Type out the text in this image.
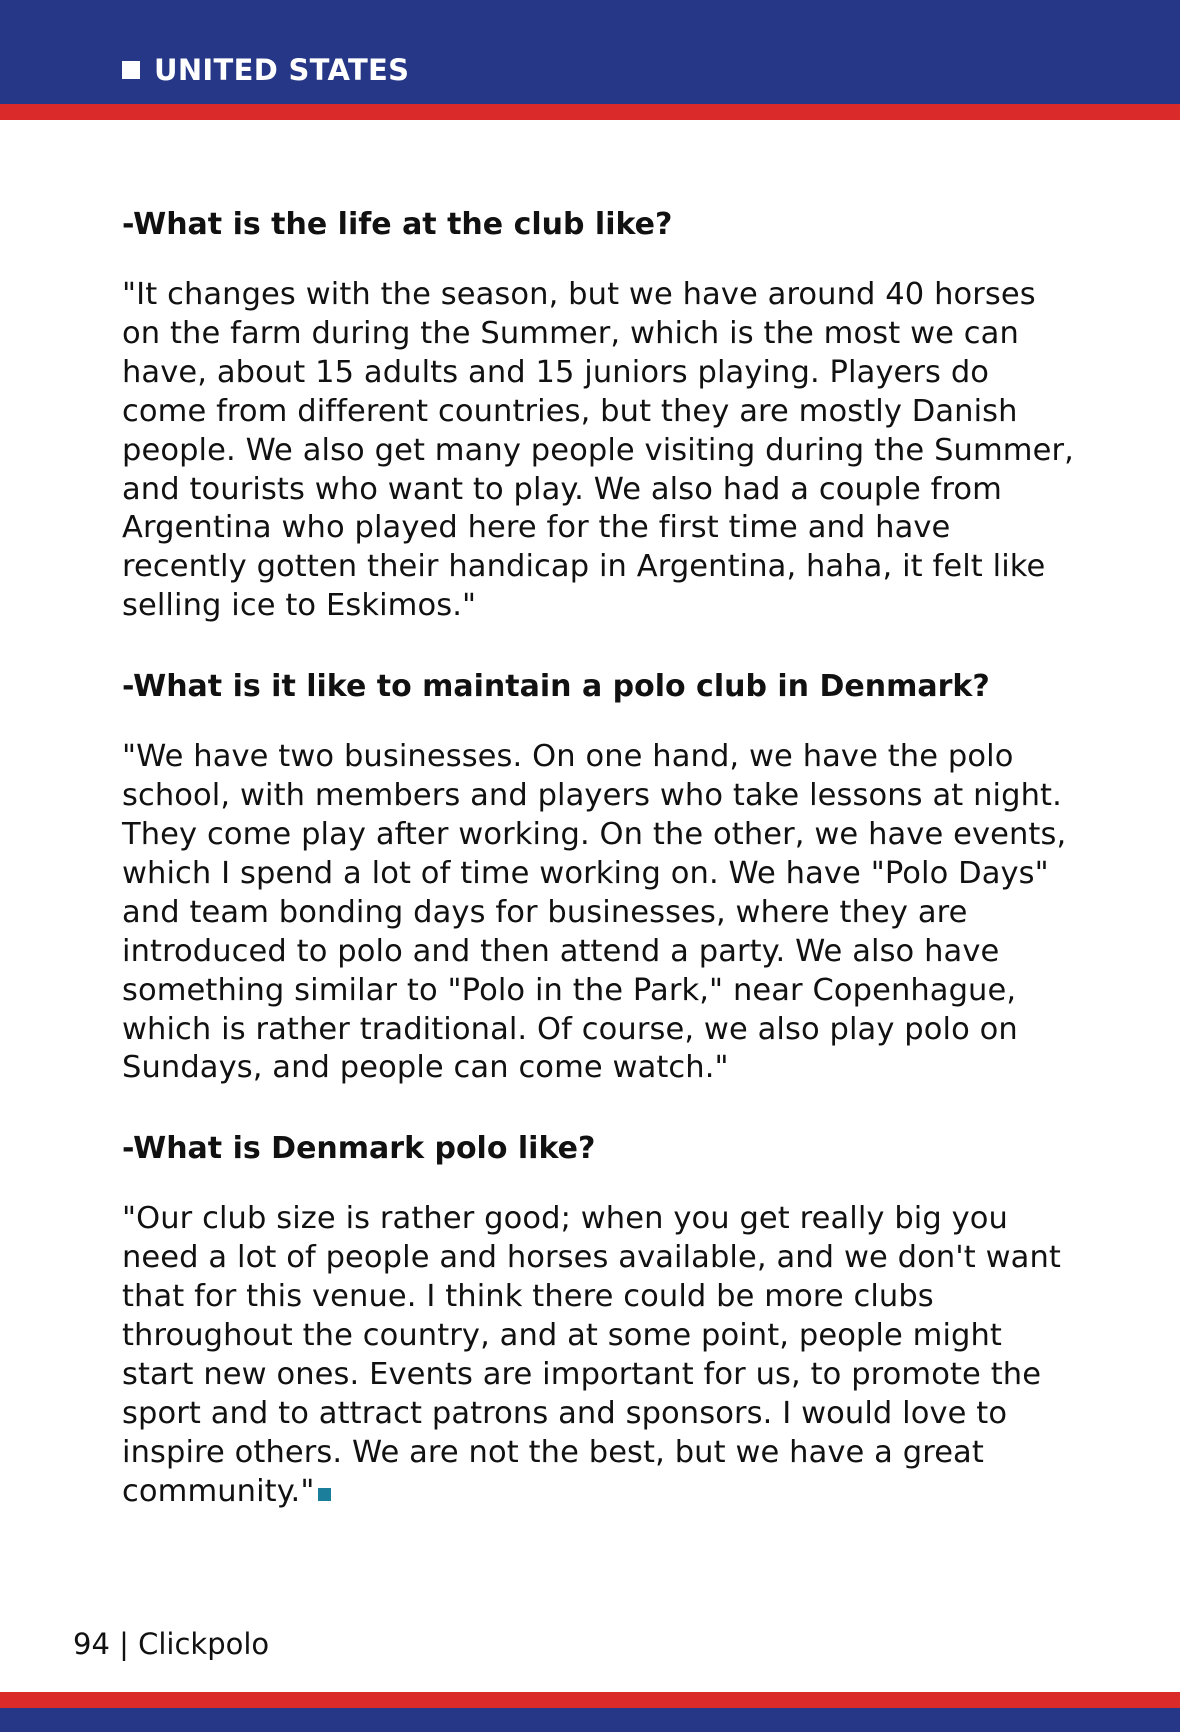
UNITED STATES

-What is the life at the club like?

"It changes with the season, but we have around 40 horses on the farm during the Summer, which is the most we can have, about 15 adults and 15 juniors playing. Players do come from different countries, but they are mostly Danish people. We also get many people visiting during the Summer, and tourists who want to play. We also had a couple from Argentina who played here for the first time and have recently gotten their handicap in Argentina, haha, it felt like selling ice to Eskimos."

-What is it like to maintain a polo club in Denmark?

"We have two businesses. On one hand, we have the polo school, with members and players who take lessons at night. They come play after working. On the other, we have events, which I spend a lot of time working on. We have "Polo Days" and team bonding days for businesses, where they are introduced to polo and then attend a party. We also have something similar to "Polo in the Park," near Copenhague, which is rather traditional. Of course, we also play polo on Sundays, and people can come watch."

-What is Denmark polo like?

"Our club size is rather good; when you get really big you need a lot of people and horses available, and we don't want that for this venue. I think there could be more clubs throughout the country, and at some point, people might start new ones. Events are important for us, to promote the sport and to attract patrons and sponsors. I would love to inspire others. We are not the best, but we have a great community."

94 | Clickpolo
